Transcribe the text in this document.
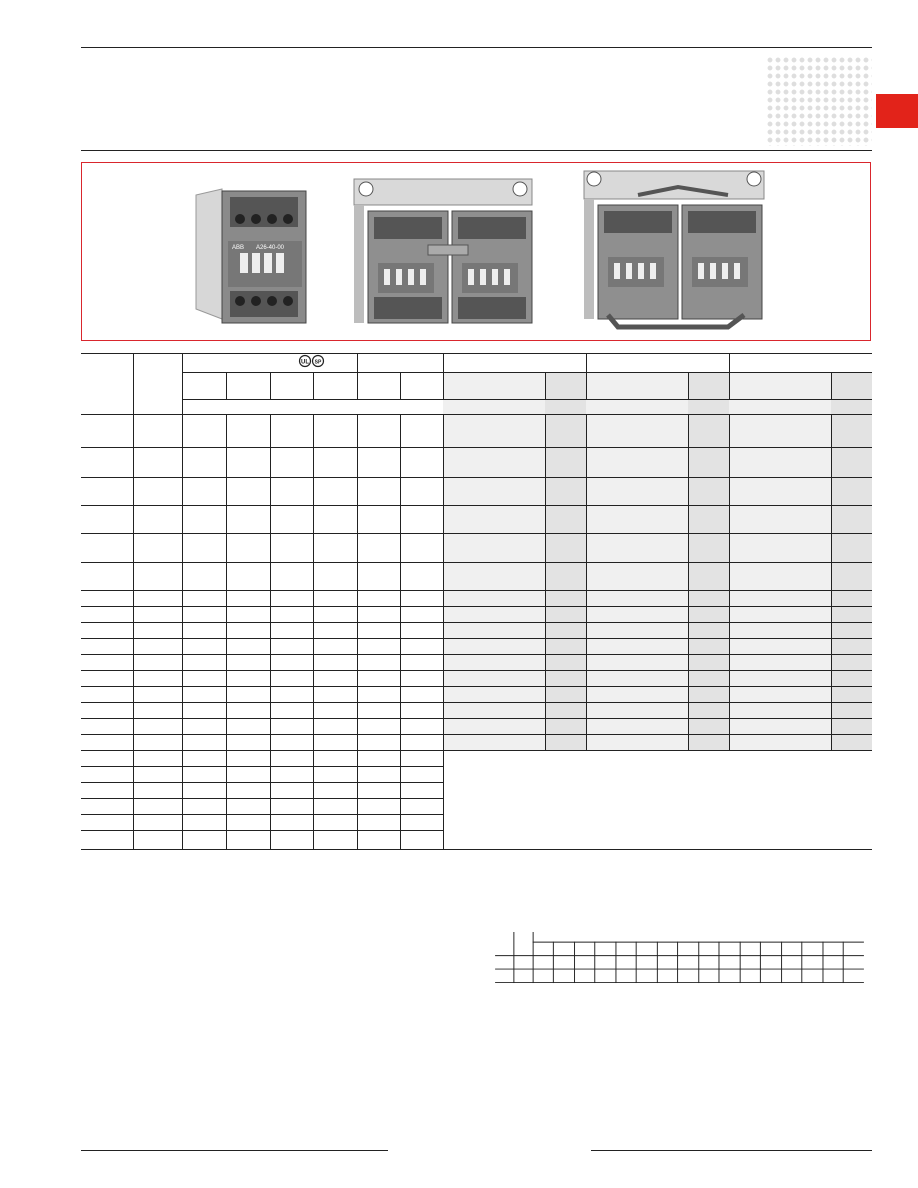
ABB A26-40-00
UL SP
